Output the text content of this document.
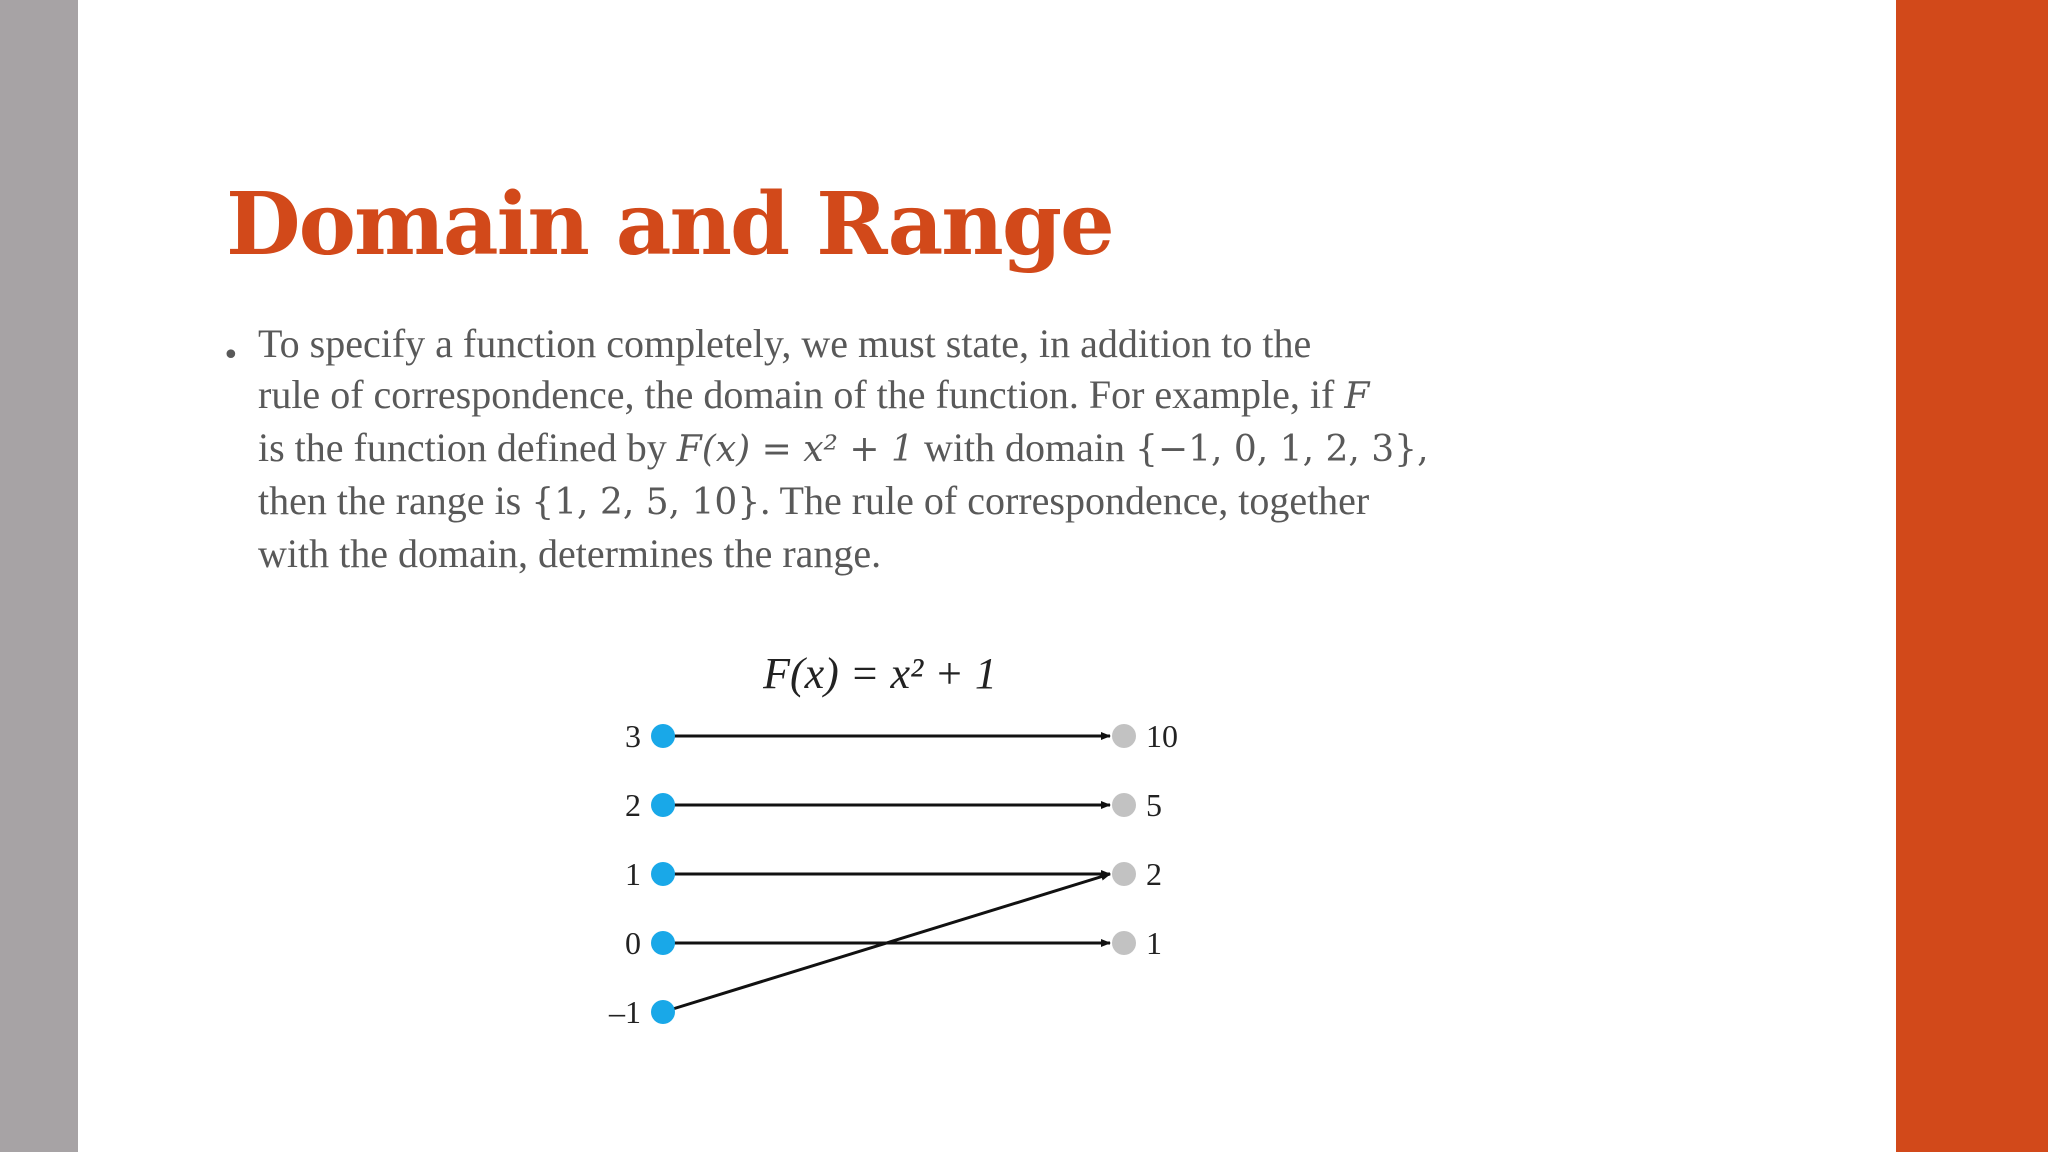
Domain and Range
• To specify a function completely, we must state, in addition to the
rule of correspondence, the domain of the function. For example, if F
is the function defined by F(x) = x² + 1 with domain {−1, 0, 1, 2, 3},
then the range is {1, 2, 5, 10}. The rule of correspondence, together
with the domain, determines the range.
F(x) = x² + 1
3
2
1
0
–1
10
5
2
1
